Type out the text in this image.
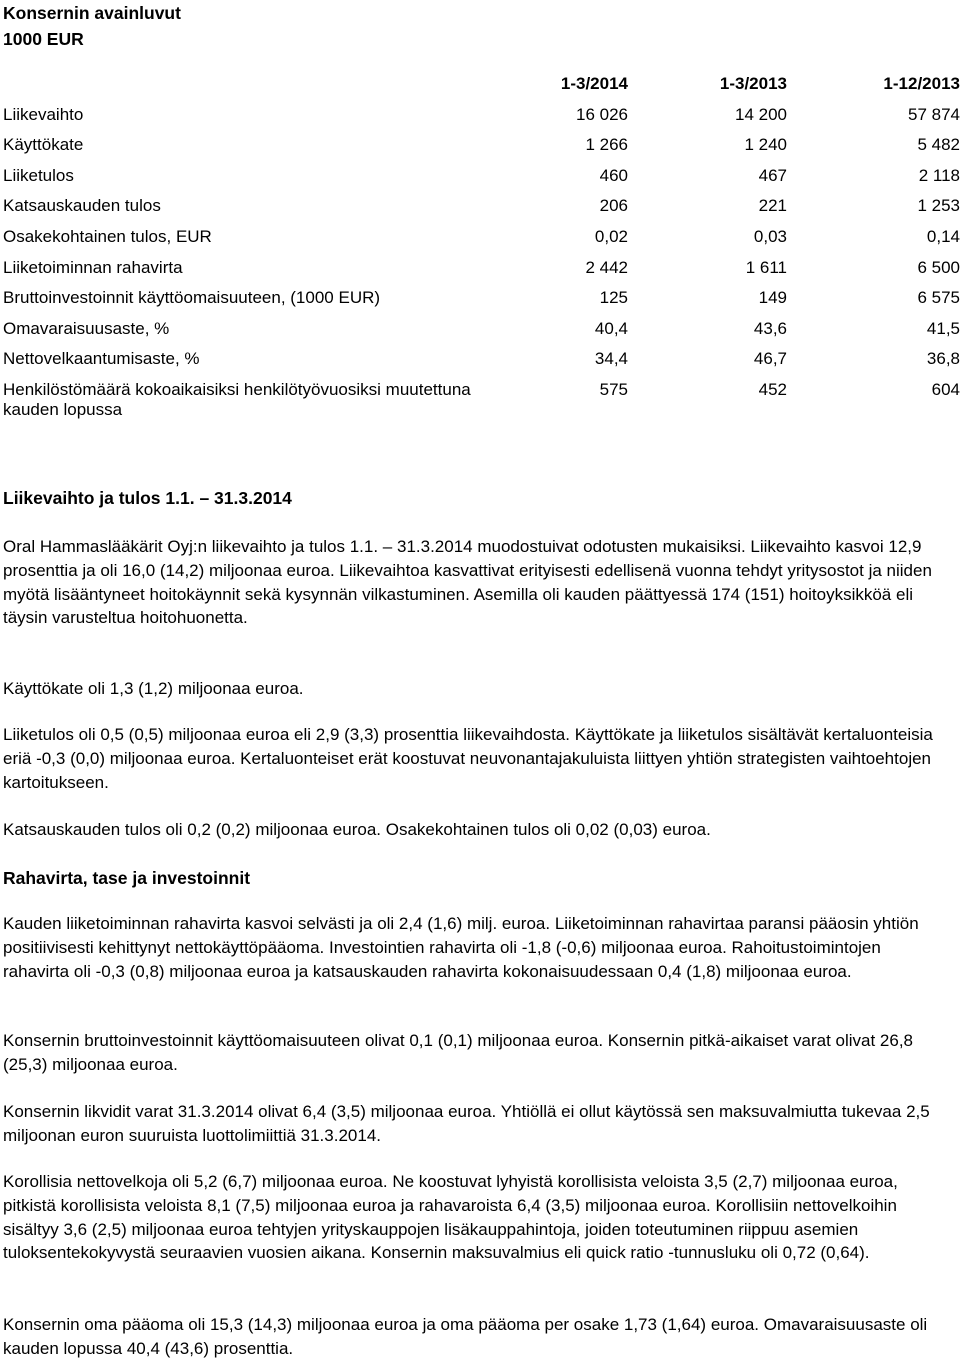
Konsernin avainluvut
1000 EUR
	1-3/2014	1-3/2013	1-12/2013
Liikevaihto	16 026	14 200	57 874
Käyttökate	1 266	1 240	5 482
Liiketulos	460	467	2 118
Katsauskauden tulos	206	221	1 253
Osakekohtainen tulos, EUR	0,02	0,03	0,14
Liiketoiminnan rahavirta	2 442	1 611	6 500
Bruttoinvestoinnit käyttöomaisuuteen, (1000 EUR)	125	149	6 575
Omavaraisuusaste, %	40,4	43,6	41,5
Nettovelkaantumisaste, %	34,4	46,7	36,8
Henkilöstömäärä kokoaikaisiksi henkilötyövuosiksi muutettuna kauden lopussa	575	452	604
Liikevaihto ja tulos 1.1. – 31.3.2014
Oral Hammaslääkärit Oyj:n liikevaihto ja tulos 1.1. – 31.3.2014 muodostuivat odotusten mukaisiksi. Liikevaihto kasvoi 12,9 prosenttia ja oli 16,0 (14,2) miljoonaa euroa. Liikevaihtoa kasvattivat erityisesti edellisenä vuonna tehdyt yritysostot ja niiden myötä lisääntyneet hoitokäynnit sekä kysynnän vilkastuminen. Asemilla oli kauden päättyessä 174 (151) hoitoyksikköä eli täysin varusteltua hoitohuonetta.
Käyttökate oli 1,3 (1,2) miljoonaa euroa.
Liiketulos oli 0,5 (0,5) miljoonaa euroa eli 2,9 (3,3) prosenttia liikevaihdosta. Käyttökate ja liiketulos sisältävät kertaluonteisia eriä -0,3 (0,0) miljoonaa euroa. Kertaluonteiset erät koostuvat neuvonantajakuluista liittyen yhtiön strategisten vaihtoehtojen kartoitukseen.
Katsauskauden tulos oli 0,2 (0,2) miljoonaa euroa. Osakekohtainen tulos oli 0,02 (0,03) euroa.
Rahavirta, tase ja investoinnit
Kauden liiketoiminnan rahavirta kasvoi selvästi ja oli 2,4 (1,6) milj. euroa. Liiketoiminnan rahavirtaa paransi pääosin yhtiön positiivisesti kehittynyt nettokäyttöpääoma. Investointien rahavirta oli -1,8 (-0,6) miljoonaa euroa. Rahoitustoimintojen rahavirta oli -0,3 (0,8) miljoonaa euroa ja katsauskauden rahavirta kokonaisuudessaan 0,4 (1,8) miljoonaa euroa.
Konsernin bruttoinvestoinnit käyttöomaisuuteen olivat 0,1 (0,1) miljoonaa euroa. Konsernin pitkä-aikaiset varat olivat 26,8 (25,3) miljoonaa euroa.
Konsernin likvidit varat 31.3.2014 olivat 6,4 (3,5) miljoonaa euroa. Yhtiöllä ei ollut käytössä sen maksuvalmiutta tukevaa 2,5 miljoonan euron suuruista luottolimiittiä 31.3.2014.
Korollisia nettovelkoja oli 5,2 (6,7) miljoonaa euroa. Ne koostuvat lyhyistä korollisista veloista 3,5 (2,7) miljoonaa euroa, pitkistä korollisista veloista 8,1 (7,5) miljoonaa euroa ja rahavaroista 6,4 (3,5) miljoonaa euroa. Korollisiin nettovelkoihin sisältyy 3,6 (2,5) miljoonaa euroa tehtyjen yrityskauppojen lisäkauppahintoja, joiden toteutuminen riippuu asemien tuloksentekokyvystä seuraavien vuosien aikana. Konsernin maksuvalmius eli quick ratio -tunnusluku oli 0,72 (0,64).
Konsernin oma pääoma oli 15,3 (14,3) miljoonaa euroa ja oma pääoma per osake 1,73 (1,64) euroa. Omavaraisuusaste oli kauden lopussa 40,4 (43,6) prosenttia.
